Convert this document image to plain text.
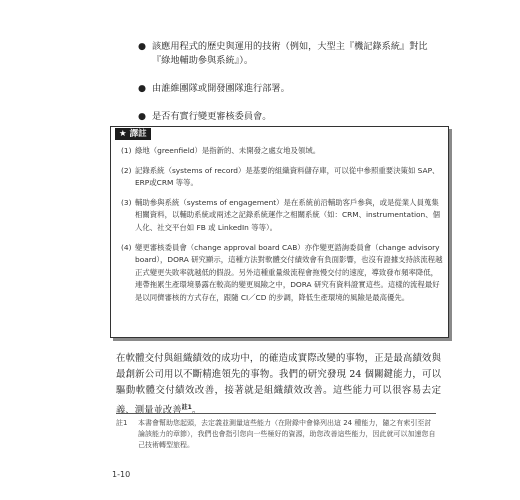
● 該應用程式的歷史與運用的技術（例如，大型主『機記錄系統』對比『綠地輔助參與系統』）。
● 由誰維團隊或開發團隊進行部署。
● 是否有實行變更審核委員會。
★ 譯註
(1) 綠地（greenfield）是指新的、未開發之處女地及領域。
(2) 記錄系統（systems of record）是基要的組織資料儲存庫，可以從中參照重要決策如 SAP、ERP或CRM 等等。
(3) 輔助參與系統（systems of engagement）是在系統前沿輔助客戶參與，或是從業人員蒐集相關資料，以輔助系統或兩述之記錄系統運作之相關系統（如：CRM、instrumentation、個人化、社交平台如 FB 或 LinkedIn 等等）。
(4) 變更審核委員會（change approval board CAB）亦作變更諮詢委員會（change advisory board），DORA 研究顯示，這種方法對軟體交付績效會有負面影響，也沒有證據支持該流程越正式變更失敗率就越低的假設。另外這種重量級流程會拖慢交付的速度，導致發布頻率降低，連帶拖累生產環境暴露在較高的變更風險之中，DORA 研究有資料證實這些。這樣的流程最好是以同儕審核的方式存在，跟隨 CI／CD 的步調，降低生產環境的風險是最高優先。
在軟體交付與組織績效的成功中，的確造成實際改變的事物，正是最高績效與最創新公司用以不斷精進領先的事物。我們的研究發現 24 個關鍵能力，可以驅動軟體交付績效改善，接著就是組織績效改善。這些能力可以很容易去定義、測量並改善$^{註1}$。
註1	本書會幫助您起頭，去定義並測量這些能力（在附錄中會條列出這 24 種能力，隨之有索引至討論該能力的章節），我們也會指引您向一些極好的資源，助您改善這些能力，因此就可以加速您自己技術轉型旅程。
1-10
